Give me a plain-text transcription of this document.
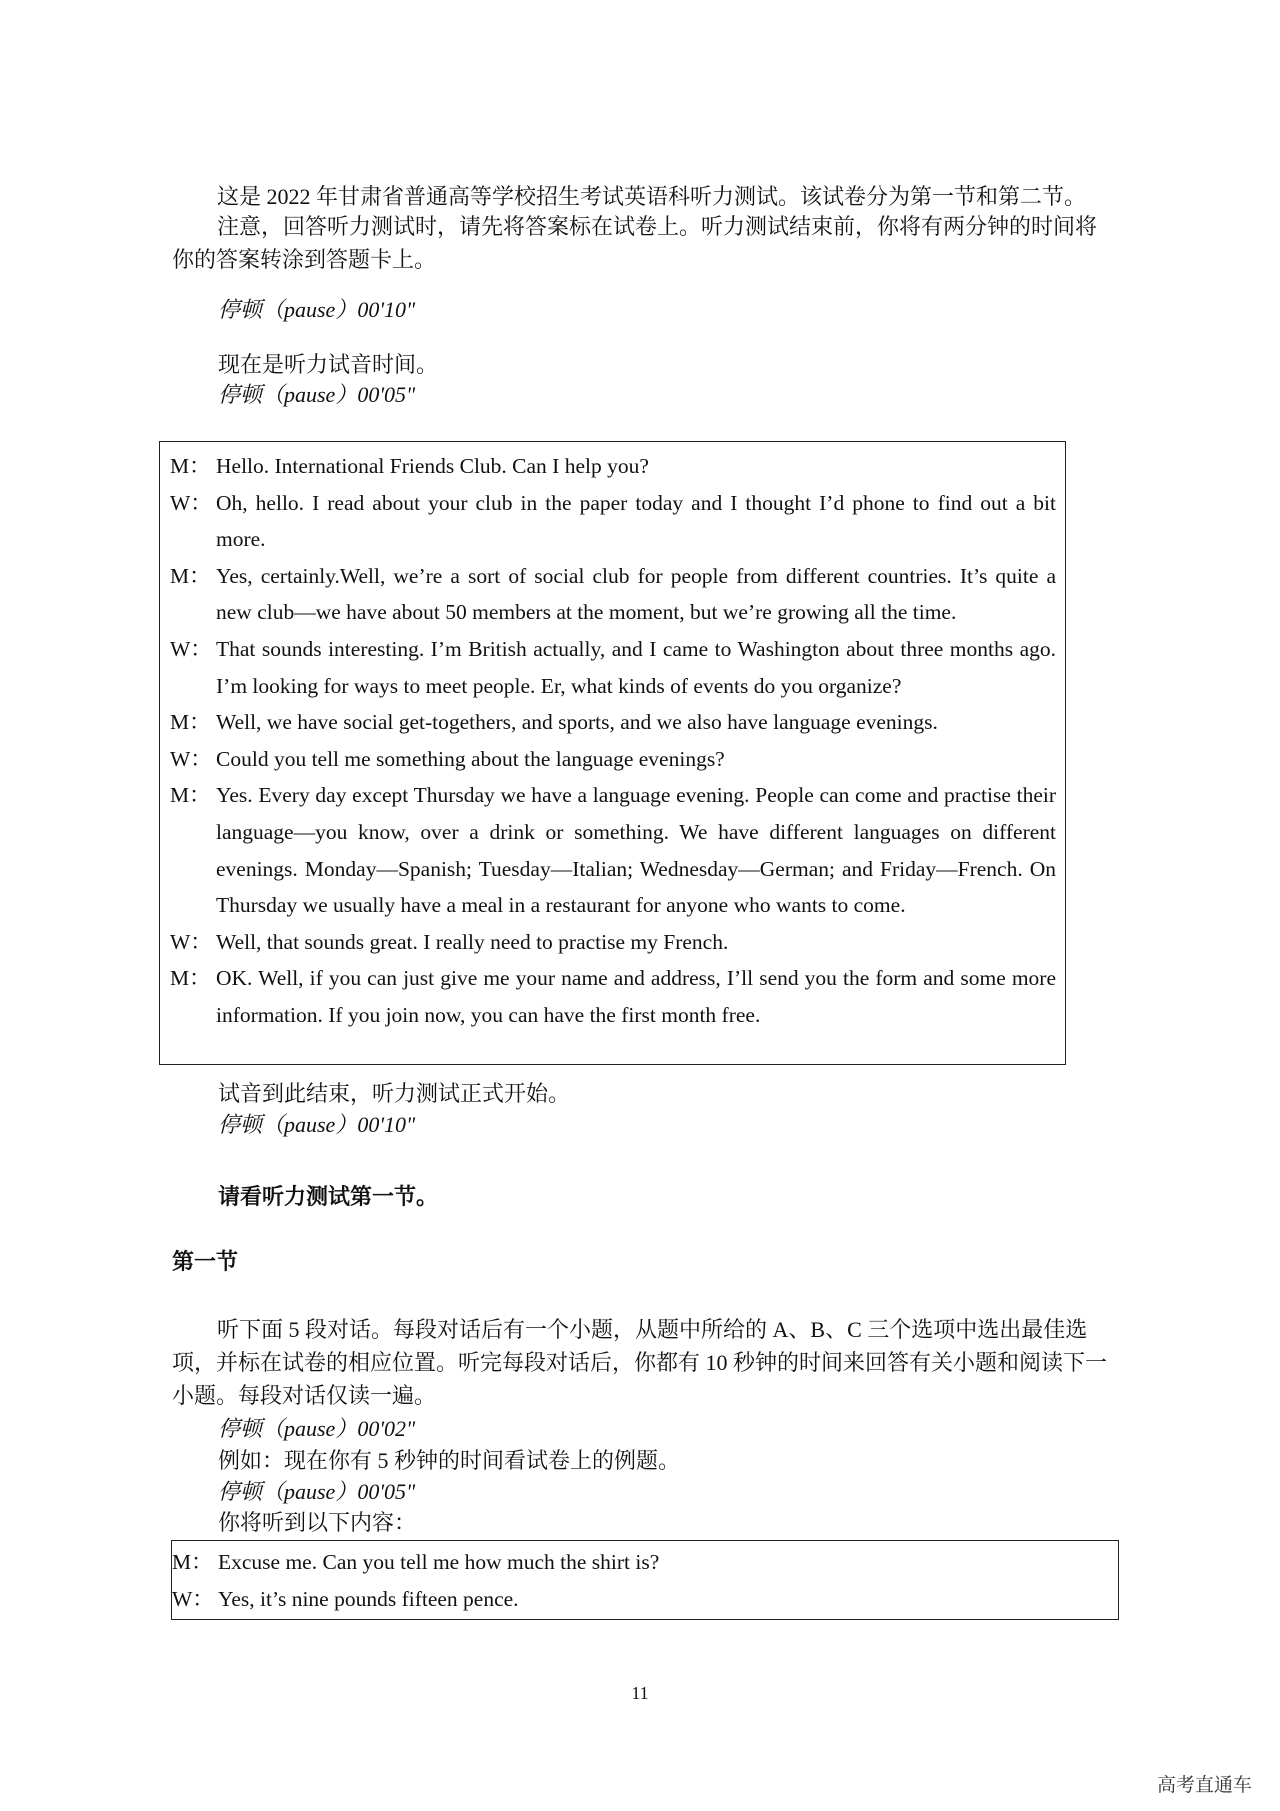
这是 2022 年甘肃省普通高等学校招生考试英语科听力测试。该试卷分为第一节和第二节。

注意，回答听力测试时，请先将答案标在试卷上。听力测试结束前，你将有两分钟的时间将你的答案转涂到答题卡上。

停顿（pause）00'10"

现在是听力试音时间。

停顿（pause）00'05"

M： Hello. International Friends Club. Can I help you?

W： Oh, hello. I read about your club in the paper today and I thought I’d phone to find out a bit more.

M： Yes, certainly.Well, we’re a sort of social club for people from different countries. It’s quite a new club—we have about 50 members at the moment, but we’re growing all the time.

W： That sounds interesting. I’m British actually, and I came to Washington about three months ago. I’m looking for ways to meet people. Er, what kinds of events do you organize?

M： Well, we have social get-togethers, and sports, and we also have language evenings.

W： Could you tell me something about the language evenings?

M： Yes. Every day except Thursday we have a language evening. People can come and practise their language—you know, over a drink or something. We have different languages on different evenings. Monday—Spanish; Tuesday—Italian; Wednesday—German; and Friday—French. On Thursday we usually have a meal in a restaurant for anyone who wants to come.

W： Well, that sounds great. I really need to practise my French.

M： OK. Well, if you can just give me your name and address, I’ll send you the form and some more information. If you join now, you can have the first month free.

试音到此结束，听力测试正式开始。

停顿（pause）00'10"

请看听力测试第一节。

第一节

听下面 5 段对话。每段对话后有一个小题，从题中所给的 A、B、C 三个选项中选出最佳选项，并标在试卷的相应位置。听完每段对话后，你都有 10 秒钟的时间来回答有关小题和阅读下一小题。每段对话仅读一遍。

停顿（pause）00'02"

例如：现在你有 5 秒钟的时间看试卷上的例题。

停顿（pause）00'05"

你将听到以下内容：

M： Excuse me. Can you tell me how much the shirt is?

W： Yes, it’s nine pounds fifteen pence.

11
高考直通车
